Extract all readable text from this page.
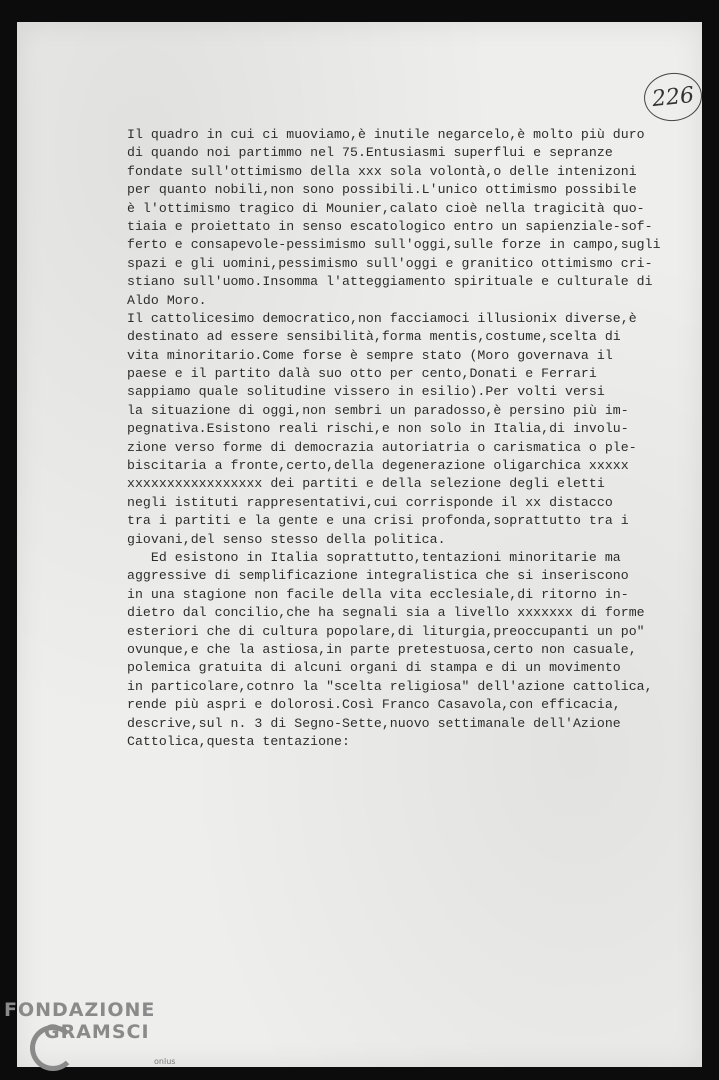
226
Il quadro in cui ci muoviamo,è inutile negarcelo,è molto più duro
di quando noi partimmo nel 75.Entusiasmi superflui e sepranze
fondate sull'ottimismo della xxx sola volontà,o delle intenizoni
per quanto nobili,non sono possibili.L'unico ottimismo possibile
è l'ottimismo tragico di Mounier,calato cioè nella tragicità quo-
tiaia e proiettato in senso escatologico entro un sapienziale-sof-
ferto e consapevole-pessimismo sull'oggi,sulle forze in campo,sugli
spazi e gli uomini,pessimismo sull'oggi e granitico ottimismo cri-
stiano sull'uomo.Insomma l'atteggiamento spirituale e culturale di
Aldo Moro.
Il cattolicesimo democratico,non facciamoci illusionix diverse,è
destinato ad essere sensibilità,forma mentis,costume,scelta di
vita minoritario.Come forse è sempre stato (Moro governava il
paese e il partito dalà suo otto per cento,Donati e Ferrari
sappiamo quale solitudine vissero in esilio).Per volti versi
la situazione di oggi,non sembri un paradosso,è persino più im-
pegnativa.Esistono reali rischi,e non solo in Italia,di involu-
zione verso forme di democrazia autoriatria o carismatica o ple-
biscitaria a fronte,certo,della degenerazione oligarchica xxxxx
xxxxxxxxxxxxxxxxx dei partiti e della selezione degli eletti
negli istituti rappresentativi,cui corrisponde il xx distacco
tra i partiti e la gente e una crisi profonda,soprattutto tra i
giovani,del senso stesso della politica.
Ed esistono in Italia soprattutto,tentazioni minoritarie ma
aggressive di semplificazione integralistica che si inseriscono
in una stagione non facile della vita ecclesiale,di ritorno in-
dietro dal concilio,che ha segnali sia a livello xxxxxxx di forme
esteriori che di cultura popolare,di liturgia,preoccupanti un po"
ovunque,e che la astiosa,in parte pretestuosa,certo non casuale,
polemica gratuita di alcuni organi di stampa e di un movimento
in particolare,cotnro la "scelta religiosa" dell'azione cattolica,
rende più aspri e dolorosi.Così Franco Casavola,con efficacia,
descrive,sul n. 3 di Segno-Sette,nuovo settimanale dell'Azione
Cattolica,questa tentazione:
FONDAZIONE
GRAMSCI
onlus
